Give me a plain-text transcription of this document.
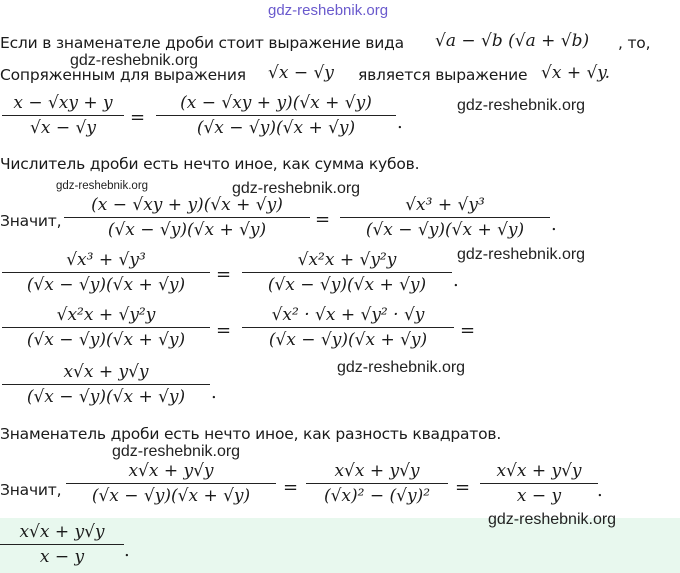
gdz-reshebnik.org
Если в знаменателе дроби стоит выражение вида √a − √b (√a + √b) , то,
gdz-reshebnik.org
Сопряженным для выражения √x − √y является выражение √x + √y.
x − √xy + y
√x − √y
=
(x − √xy + y)(√x + √y)
(√x − √y)(√x + √y) .
gdz-reshebnik.org
Числитель дроби есть нечто иное, как сумма кубов.
gdz-reshebnik.org	gdz-reshebnik.org
Значит,
(x − √xy + y)(√x + √y)
(√x − √y)(√x + √y)
=
√x³ + √y³
(√x − √y)(√x + √y) .
gdz-reshebnik.org
√x³ + √y³
(√x − √y)(√x + √y)
=
√x²x + √y²y
(√x − √y)(√x + √y) .
√x²x + √y²y
(√x − √y)(√x + √y) =
√x² · √x + √y² · √y
(√x − √y)(√x + √y) =
gdz-reshebnik.org
x√x + y√y
(√x − √y)(√x + √y) .
Знаменатель дроби есть нечто иное, как разность квадратов.
gdz-reshebnik.org
Значит,
x√x + y√y
(√x − √y)(√x + √y) =
x√x + y√y
(√x)² − (√y)² =
x√x + y√y
x − y .
gdz-reshebnik.org
x√x + y√y
x − y .
